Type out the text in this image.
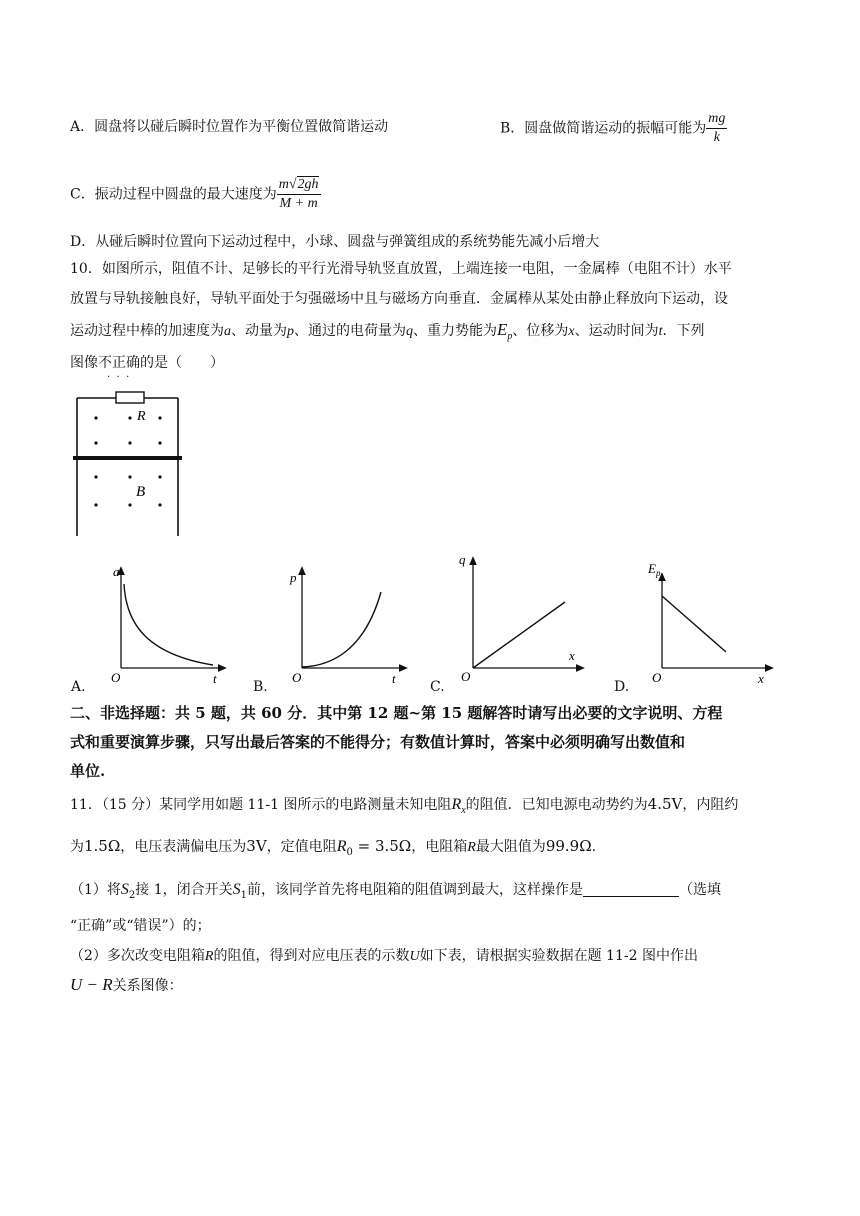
A．圆盘将以碰后瞬时位置作为平衡位置做简谐运动	B．圆盘做简谐运动的振幅可能为 $\frac{mg}{k}$
C．振动过程中圆盘的最大速度为 $\frac{m√2gh}{M + m}$
D．从碰后瞬时位置向下运动过程中，小球、圆盘与弹簧组成的系统势能先减小后增大
10．如图所示，阻值不计、足够长的平行光滑导轨竖直放置，上端连接一电阻，一金属棒（电阻不计）水平
放置与导轨接触良好，导轨平面处于匀强磁场中且与磁场方向垂直．金属棒从某处由静止释放向下运动，设
运动过程中棒的加速度为a、动量为p、通过的电荷量为q、重力势能为$E_p$、位移为x、运动时间为t．下列
图像不正确的是（　　）
·  ·  ·
R
B
A.
a
t
O
B.
p
t
O
C.
q
x
O
D.
$E_p$
x
O
二、非选择题：共 5 题，共 60 分．其中第 12 题~第 15 题解答时请写出必要的文字说明、方程
式和重要演算步骤，只写出最后答案的不能得分；有数值计算时，答案中必须明确写出数值和
单位.
11．（15 分）某同学用如题 11-1 图所示的电路测量未知电阻$R_x$的阻值．已知电源电动势约为4.5V，内阻约
为1.5Ω，电压表满偏电压为3V，定值电阻$R_0 = 3.5\Omega$，电阻箱R最大阻值为99.9Ω.
（1）将$S_2$接 1，闭合开关$S_1$前，该同学首先将电阻箱的阻值调到最大，这样操作是	（选填
“正确”或“错误”）的；
（2）多次改变电阻箱R的阻值，得到对应电压表的示数U如下表，请根据实验数据在题 11-2 图中作出
U − R关系图像：
